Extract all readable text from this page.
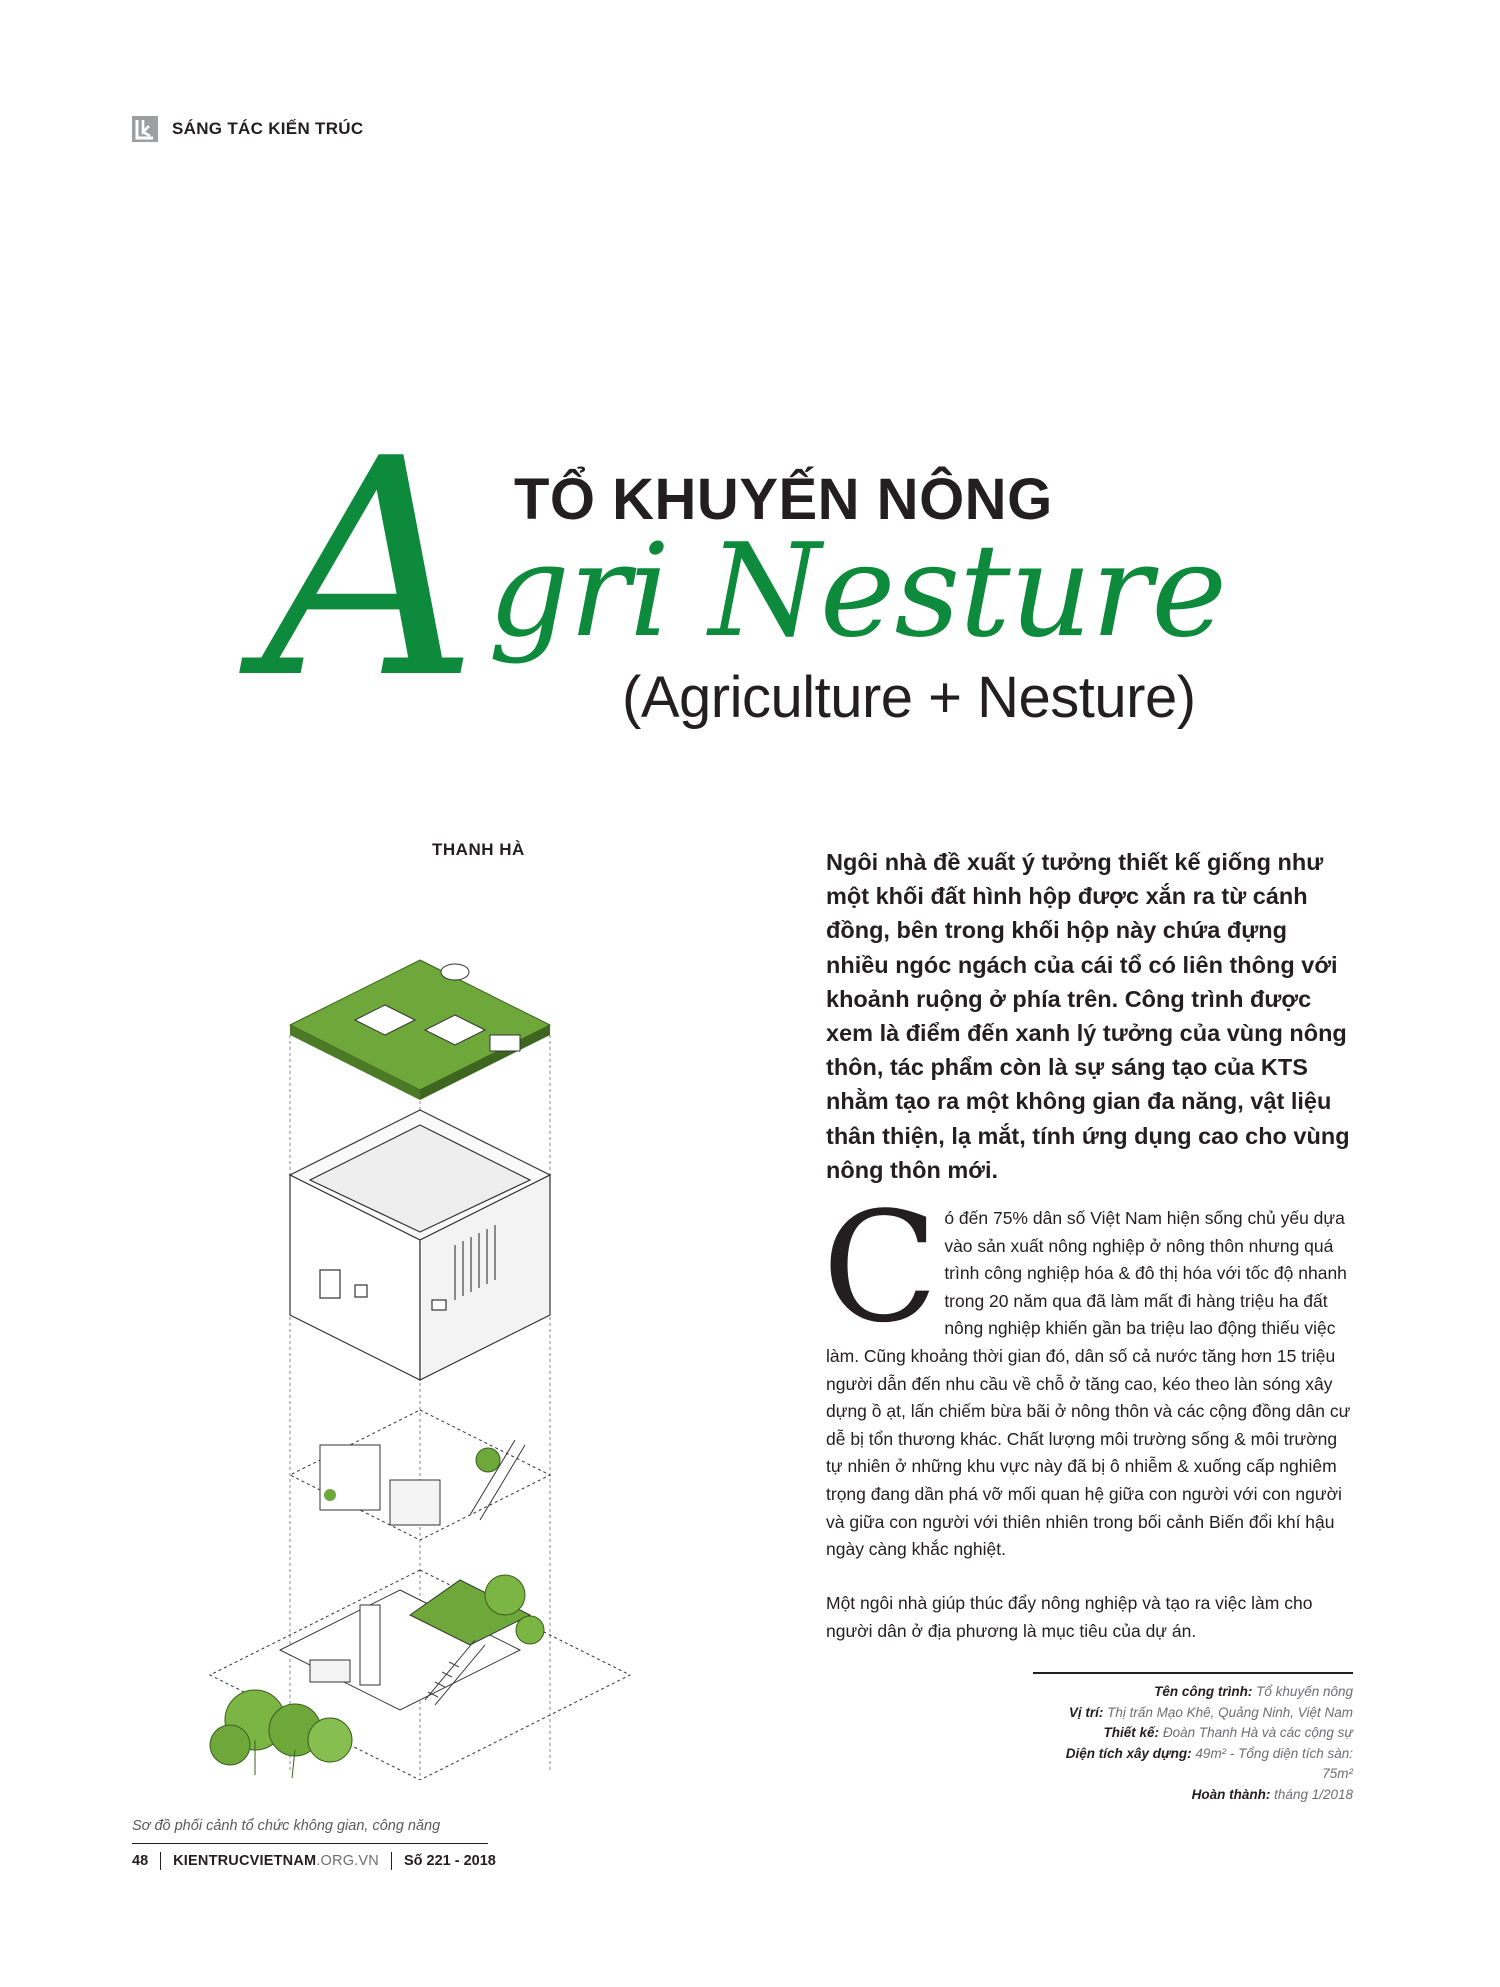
SÁNG TÁC KIẾN TRÚC
A TỔ KHUYẾN NÔNG
gri Nesture
(Agriculture + Nesture)
THANH HÀ	Ngôi nhà đề xuất ý tưởng thiết kế giống như một khối đất hình hộp được xắn ra từ cánh đồng, bên trong khối hộp này chứa đựng nhiều ngóc ngách của cái tổ có liên thông với khoảnh ruộng ở phía trên. Công trình được xem là điểm đến xanh lý tưởng của vùng nông thôn, tác phẩm còn là sự sáng tạo của KTS nhằm tạo ra một không gian đa năng, vật liệu thân thiện, lạ mắt, tính ứng dụng cao cho vùng nông thôn mới.
Có đến 75% dân số Việt Nam hiện sống chủ yếu dựa vào sản xuất nông nghiệp ở nông thôn nhưng quá trình công nghiệp hóa & đô thị hóa với tốc độ nhanh trong 20 năm qua đã làm mất đi hàng triệu ha đất nông nghiệp khiến gần ba triệu lao động thiếu việc làm. Cũng khoảng thời gian đó, dân số cả nước tăng hơn 15 triệu người dẫn đến nhu cầu về chỗ ở tăng cao, kéo theo làn sóng xây dựng ồ ạt, lấn chiếm bừa bãi ở nông thôn và các cộng đồng dân cư dễ bị tổn thương khác. Chất lượng môi trường sống & môi trường tự nhiên ở những khu vực này đã bị ô nhiễm & xuống cấp nghiêm trọng đang dần phá vỡ mối quan hệ giữa con người với con người và giữa con người với thiên nhiên trong bối cảnh Biến đổi khí hậu ngày càng khắc nghiệt.
Một ngôi nhà giúp thúc đẩy nông nghiệp và tạo ra việc làm cho người dân ở địa phương là mục tiêu của dự án.
Tên công trình: Tổ khuyến nông
Vị trí: Thị trấn Mạo Khê, Quảng Ninh, Việt Nam
Thiết kế: Đoàn Thanh Hà và các cộng sự
Diện tích xây dựng: 49m² - Tổng diện tích sàn: 75m²
Hoàn thành: tháng 1/2018
Sơ đồ phối cảnh tổ chức không gian, công năng
48 KIENTRUCVIETNAM.ORG.VN Số 221 - 2018
